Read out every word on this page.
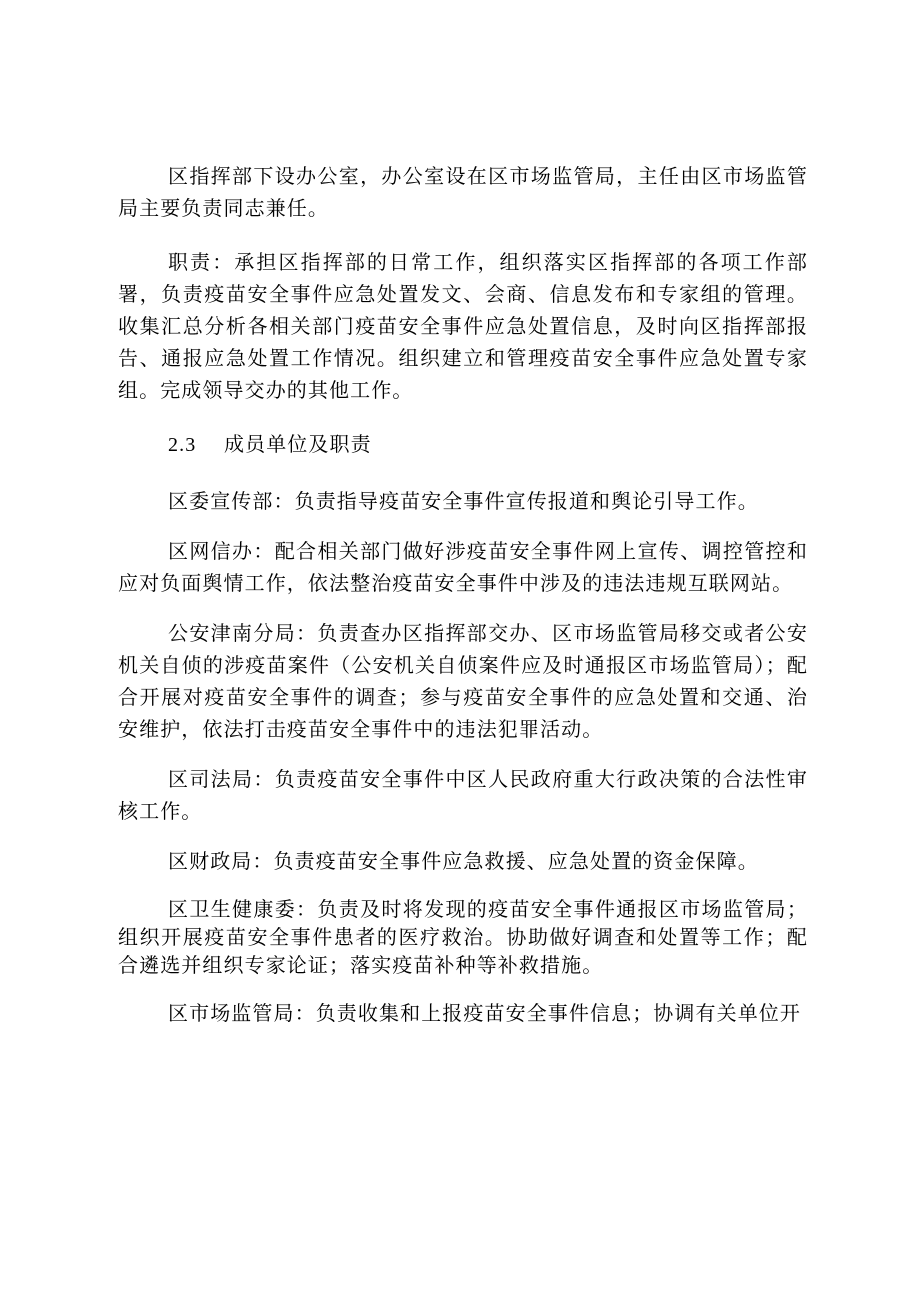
区指挥部下设办公室，办公室设在区市场监管局，主任由区市场监管局主要负责同志兼任。

职责：承担区指挥部的日常工作，组织落实区指挥部的各项工作部署，负责疫苗安全事件应急处置发文、会商、信息发布和专家组的管理。收集汇总分析各相关部门疫苗安全事件应急处置信息，及时向区指挥部报告、通报应急处置工作情况。组织建立和管理疫苗安全事件应急处置专家组。完成领导交办的其他工作。

2.3 成员单位及职责

区委宣传部：负责指导疫苗安全事件宣传报道和舆论引导工作。

区网信办：配合相关部门做好涉疫苗安全事件网上宣传、调控管控和应对负面舆情工作，依法整治疫苗安全事件中涉及的违法违规互联网站。

公安津南分局：负责查办区指挥部交办、区市场监管局移交或者公安机关自侦的涉疫苗案件（公安机关自侦案件应及时通报区市场监管局）；配合开展对疫苗安全事件的调查；参与疫苗安全事件的应急处置和交通、治安维护，依法打击疫苗安全事件中的违法犯罪活动。

区司法局：负责疫苗安全事件中区人民政府重大行政决策的合法性审核工作。

区财政局：负责疫苗安全事件应急救援、应急处置的资金保障。

区卫生健康委：负责及时将发现的疫苗安全事件通报区市场监管局；组织开展疫苗安全事件患者的医疗救治。协助做好调查和处置等工作；配合遴选并组织专家论证；落实疫苗补种等补救措施。

区市场监管局：负责收集和上报疫苗安全事件信息；协调有关单位开
